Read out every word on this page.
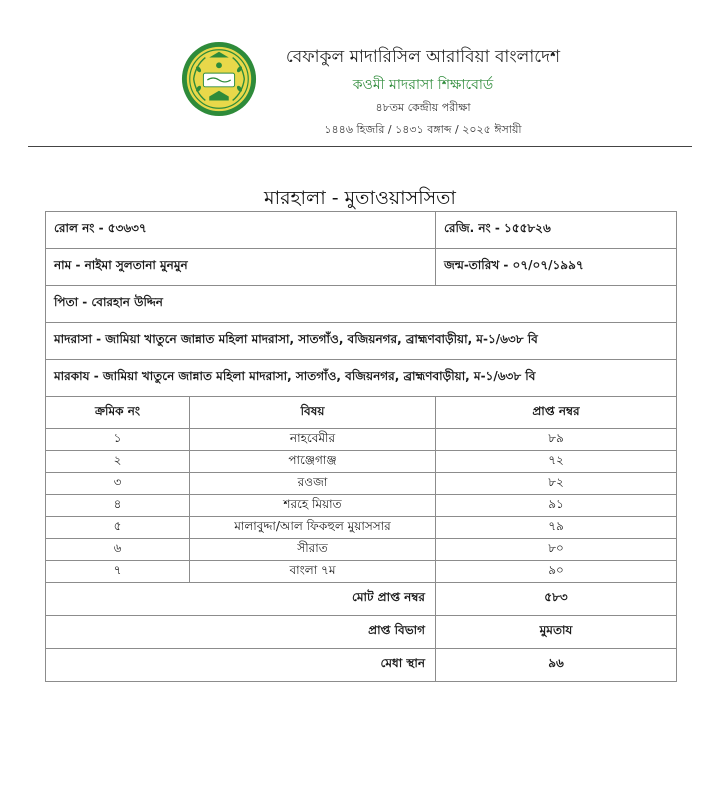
বেফাকুল মাদারিসিল আরাবিয়া বাংলাদেশ
কওমী মাদরাসা শিক্ষাবোর্ড
৪৮তম কেন্দ্রীয় পরীক্ষা
১৪৪৬ হিজরি / ১৪৩১ বঙ্গাব্দ / ২০২৫ ঈসায়ী
মারহালা - মুতাওয়াসসিতা
রোল নং - ৫৩৬৩৭		রেজি. নং - ১৫৫৮২৬
নাম - নাইমা সুলতানা মুনমুন		জন্ম-তারিখ - ০৭/০৭/১৯৯৭
পিতা - বোরহান উদ্দিন		
মাদরাসা - জামিয়া খাতুনে জান্নাত মহিলা মাদরাসা, সাতগাঁও, বজিয়নগর, ব্রাহ্মণবাড়ীয়া, ম-১/৬৩৮ বি		
মারকায - জামিয়া খাতুনে জান্নাত মহিলা মাদরাসা, সাতগাঁও, বজিয়নগর, ব্রাহ্মণবাড়ীয়া, ম-১/৬৩৮ বি		
ক্রমিক নং	বিষয়	প্রাপ্ত নম্বর
১	নাহবেমীর	৮৯
২	পাঞ্জেগাঞ্জ	৭২
৩	রওজা	৮২
৪	শরহে মিয়াত	৯১
৫	মালাবুদ্দা/আল ফিকহুল মুয়াসসার	৭৯
৬	সীরাত	৮০
৭	বাংলা ৭ম	৯০
মোট প্রাপ্ত নম্বর		৫৮৩
প্রাপ্ত বিভাগ		মুমতায
মেধা স্থান		৯৬
